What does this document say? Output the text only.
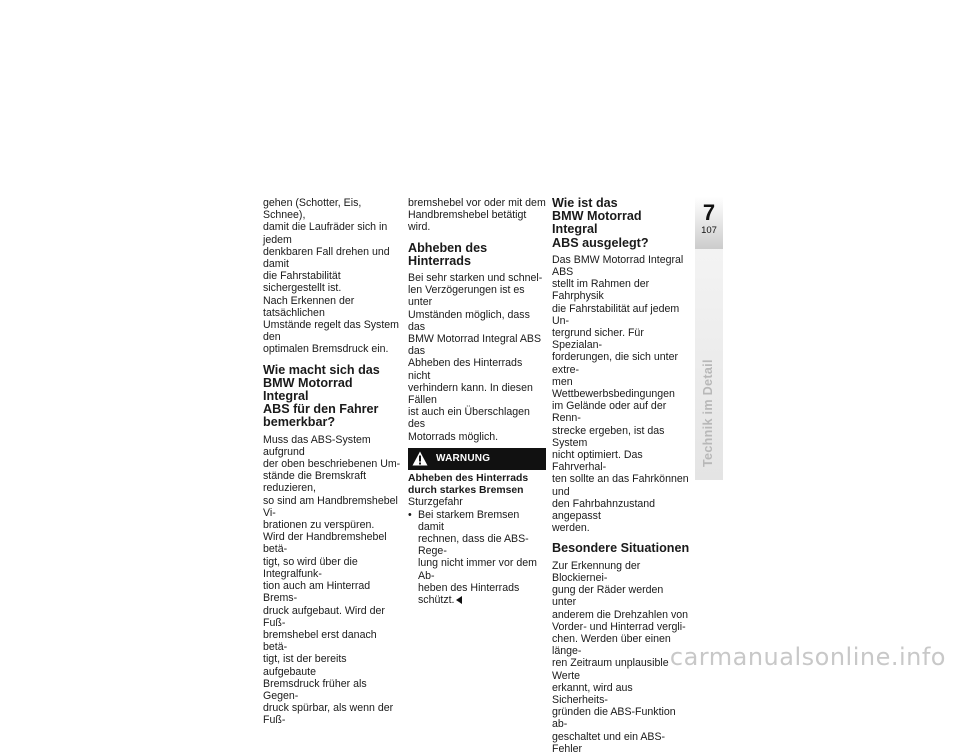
gehen (Schotter, Eis, Schnee),
damit die Laufräder sich in jedem
denkbaren Fall drehen und damit
die Fahrstabilität sichergestellt ist.
Nach Erkennen der tatsächlichen
Umstände regelt das System den
optimalen Bremsdruck ein.

Wie macht sich das
BMW Motorrad Integral
ABS für den Fahrer
bemerkbar?

Muss das ABS-System aufgrund
der oben beschriebenen Um-
stände die Bremskraft reduzieren,
so sind am Handbremshebel Vi-
brationen zu verspüren.
Wird der Handbremshebel betä-
tigt, so wird über die Integralfunk-
tion auch am Hinterrad Brems-
druck aufgebaut. Wird der Fuß-
bremshebel erst danach betä-
tigt, ist der bereits aufgebaute
Bremsdruck früher als Gegen-
druck spürbar, als wenn der Fuß-

bremshebel vor oder mit dem
Handbremshebel betätigt wird.

Abheben des Hinterrads

Bei sehr starken und schnel-
len Verzögerungen ist es unter
Umständen möglich, dass das
BMW Motorrad Integral ABS das
Abheben des Hinterrads nicht
verhindern kann. In diesen Fällen
ist auch ein Überschlagen des
Motorrads möglich.

WARNUNG
Abheben des Hinterrads
durch starkes Bremsen

Sturzgefahr

• Bei starkem Bremsen damit
rechnen, dass die ABS-Rege-
lung nicht immer vor dem Ab-
heben des Hinterrads schützt.
Wie ist das
BMW Motorrad Integral
ABS ausgelegt?

Das BMW Motorrad Integral ABS
stellt im Rahmen der Fahrphysik
die Fahrstabilität auf jedem Un-
tergrund sicher. Für Spezialan-
forderungen, die sich unter extre-
men Wettbewerbsbedingungen
im Gelände oder auf der Renn-
strecke ergeben, ist das System
nicht optimiert. Das Fahrverhal-
ten sollte an das Fahrkönnen und
den Fahrbahnzustand angepasst
werden.

Besondere Situationen

Zur Erkennung der Blockiernei-
gung der Räder werden unter
anderem die Drehzahlen von
Vorder- und Hinterrad vergli-
chen. Werden über einen länge-
ren Zeitraum unplausible Werte
erkannt, wird aus Sicherheits-
gründen die ABS-Funktion ab-
geschaltet und ein ABS-Fehler

7
107
Technik im Detail
carmanualsonline.info
